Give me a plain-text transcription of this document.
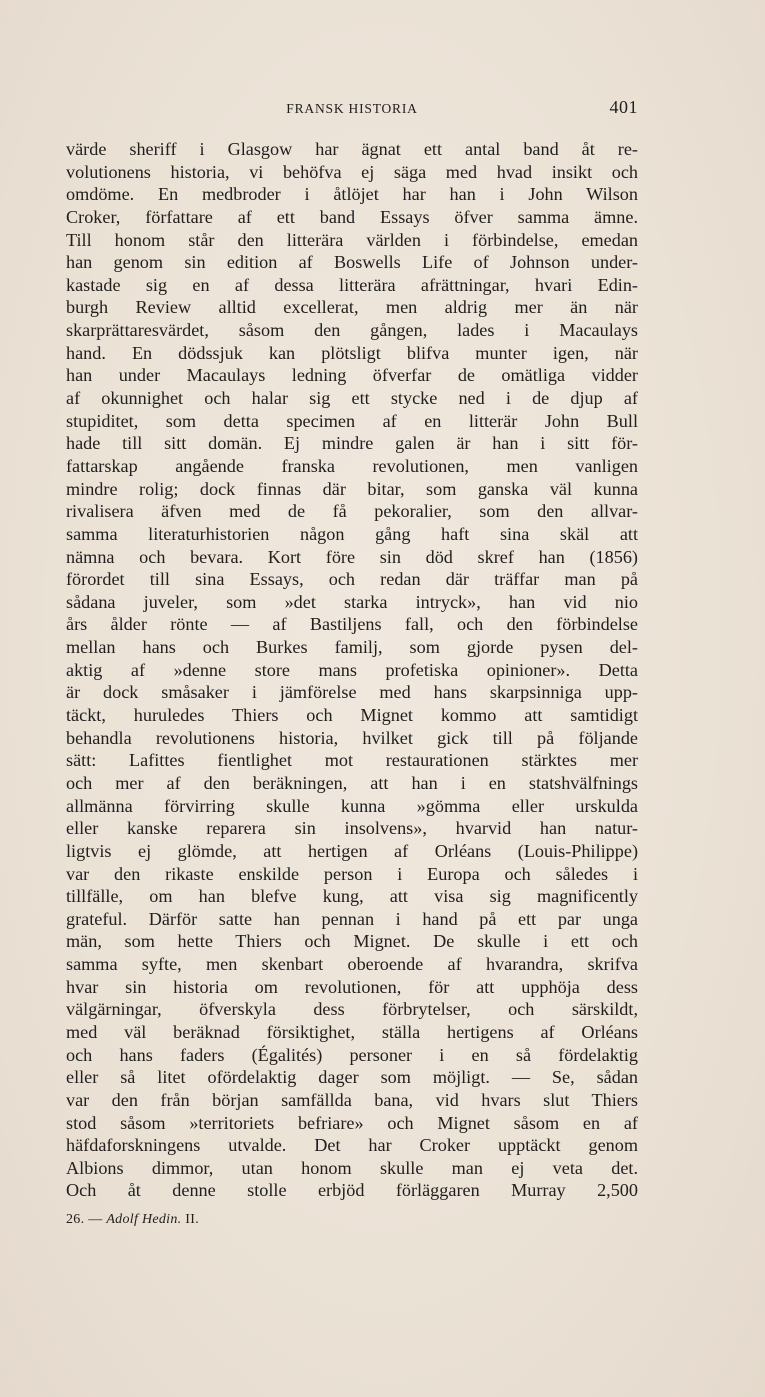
FRANSK HISTORIA	401
värde sheriff i Glasgow har ägnat ett antal band åt re-
volutionens historia, vi behöfva ej säga med hvad insikt och
omdöme. En medbroder i åtlöjet har han i John Wilson
Croker, författare af ett band Essays öfver samma ämne.
Till honom står den litterära världen i förbindelse, emedan
han genom sin edition af Boswells Life of Johnson under-
kastade sig en af dessa litterära afrättningar, hvari Edin-
burgh Review alltid excellerat, men aldrig mer än när
skarprättaresvärdet, såsom den gången, lades i Macaulays
hand. En dödssjuk kan plötsligt blifva munter igen, när
han under Macaulays ledning öfverfar de omätliga vidder
af okunnighet och halar sig ett stycke ned i de djup af
stupiditet, som detta specimen af en litterär John Bull
hade till sitt domän. Ej mindre galen är han i sitt för-
fattarskap angående franska revolutionen, men vanligen
mindre rolig; dock finnas där bitar, som ganska väl kunna
rivalisera äfven med de få pekoralier, som den allvar-
samma literaturhistorien någon gång haft sina skäl att
nämna och bevara. Kort före sin död skref han (1856)
förordet till sina Essays, och redan där träffar man på
sådana juveler, som »det starka intryck», han vid nio
års ålder rönte — af Bastiljens fall, och den förbindelse
mellan hans och Burkes familj, som gjorde pysen del-
aktig af »denne store mans profetiska opinioner». Detta
är dock småsaker i jämförelse med hans skarpsinniga upp-
täckt, huruledes Thiers och Mignet kommo att samtidigt
behandla revolutionens historia, hvilket gick till på följande
sätt: Lafittes fientlighet mot restaurationen stärktes mer
och mer af den beräkningen, att han i en statshvälfnings
allmänna förvirring skulle kunna »gömma eller urskulda
eller kanske reparera sin insolvens», hvarvid han natur-
ligtvis ej glömde, att hertigen af Orléans (Louis-Philippe)
var den rikaste enskilde person i Europa och således i
tillfälle, om han blefve kung, att visa sig magnificently
grateful. Därför satte han pennan i hand på ett par unga
män, som hette Thiers och Mignet. De skulle i ett och
samma syfte, men skenbart oberoende af hvarandra, skrifva
hvar sin historia om revolutionen, för att upphöja dess
välgärningar, öfverskyla dess förbrytelser, och särskildt,
med väl beräknad försiktighet, ställa hertigens af Orléans
och hans faders (Égalités) personer i en så fördelaktig
eller så litet ofördelaktig dager som möjligt. — Se, sådan
var den från början samfällda bana, vid hvars slut Thiers
stod såsom »territoriets befriare» och Mignet såsom en af
häfdaforskningens utvalde. Det har Croker upptäckt genom
Albions dimmor, utan honom skulle man ej veta det.
Och åt denne stolle erbjöd förläggaren Murray 2,500
26. — Adolf Hedin. II.
